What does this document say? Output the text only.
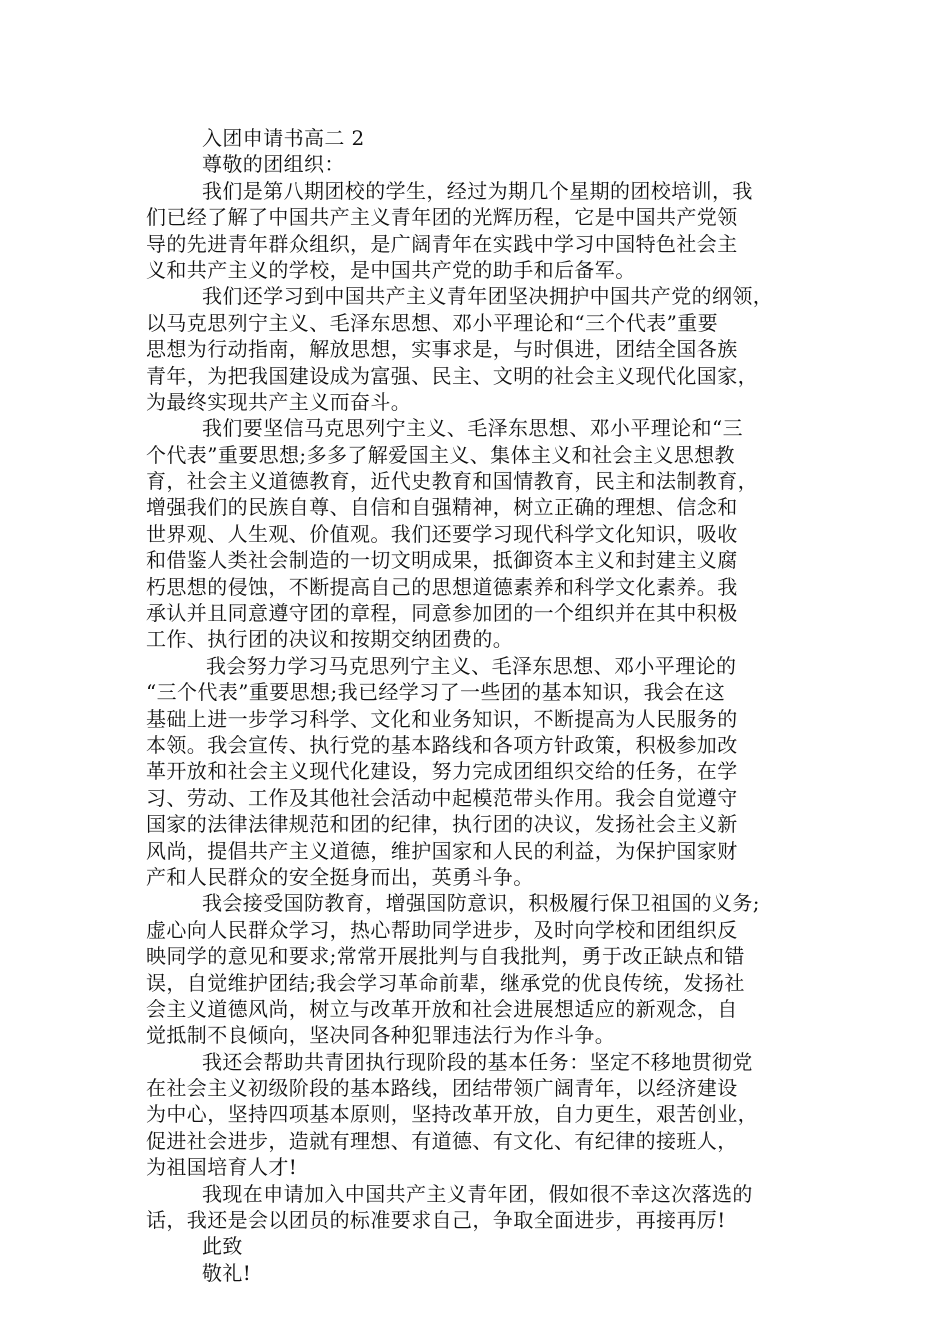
入团申请书高二 2
尊敬的团组织：
我们是第八期团校的学生，经过为期几个星期的团校培训，我
们已经了解了中国共产主义青年团的光辉历程，它是中国共产党领
导的先进青年群众组织，是广阔青年在实践中学习中国特色社会主
义和共产主义的学校，是中国共产党的助手和后备军。
我们还学习到中国共产主义青年团坚决拥护中国共产党的纲领，
以马克思列宁主义、毛泽东思想、邓小平理论和“三个代表”重要
思想为行动指南，解放思想，实事求是，与时俱进，团结全国各族
青年，为把我国建设成为富强、民主、文明的社会主义现代化国家，
为最终实现共产主义而奋斗。
我们要坚信马克思列宁主义、毛泽东思想、邓小平理论和“三
个代表”重要思想;多多了解爱国主义、集体主义和社会主义思想教
育，社会主义道德教育，近代史教育和国情教育，民主和法制教育，
增强我们的民族自尊、自信和自强精神，树立正确的理想、信念和
世界观、人生观、价值观。我们还要学习现代科学文化知识，吸收
和借鉴人类社会制造的一切文明成果，抵御资本主义和封建主义腐
朽思想的侵蚀，不断提高自己的思想道德素养和科学文化素养。我
承认并且同意遵守团的章程，同意参加团的一个组织并在其中积极
工作、执行团的决议和按期交纳团费的。
我会努力学习马克思列宁主义、毛泽东思想、邓小平理论的
“三个代表”重要思想;我已经学习了一些团的基本知识，我会在这
基础上进一步学习科学、文化和业务知识，不断提高为人民服务的
本领。我会宣传、执行党的基本路线和各项方针政策，积极参加改
革开放和社会主义现代化建设，努力完成团组织交给的任务，在学
习、劳动、工作及其他社会活动中起模范带头作用。我会自觉遵守
国家的法律法律规范和团的纪律，执行团的决议，发扬社会主义新
风尚，提倡共产主义道德，维护国家和人民的利益，为保护国家财
产和人民群众的安全挺身而出，英勇斗争。
我会接受国防教育，增强国防意识，积极履行保卫祖国的义务;
虚心向人民群众学习，热心帮助同学进步，及时向学校和团组织反
映同学的意见和要求;常常开展批判与自我批判，勇于改正缺点和错
误，自觉维护团结;我会学习革命前辈，继承党的优良传统，发扬社
会主义道德风尚，树立与改革开放和社会进展想适应的新观念，自
觉抵制不良倾向，坚决同各种犯罪违法行为作斗争。
我还会帮助共青团执行现阶段的基本任务：坚定不移地贯彻党
在社会主义初级阶段的基本路线，团结带领广阔青年，以经济建设
为中心，坚持四项基本原则，坚持改革开放，自力更生，艰苦创业，
促进社会进步，造就有理想、有道德、有文化、有纪律的接班人，
为祖国培育人才!
我现在申请加入中国共产主义青年团，假如很不幸这次落选的
话，我还是会以团员的标准要求自己，争取全面进步，再接再厉!
此致
敬礼!
